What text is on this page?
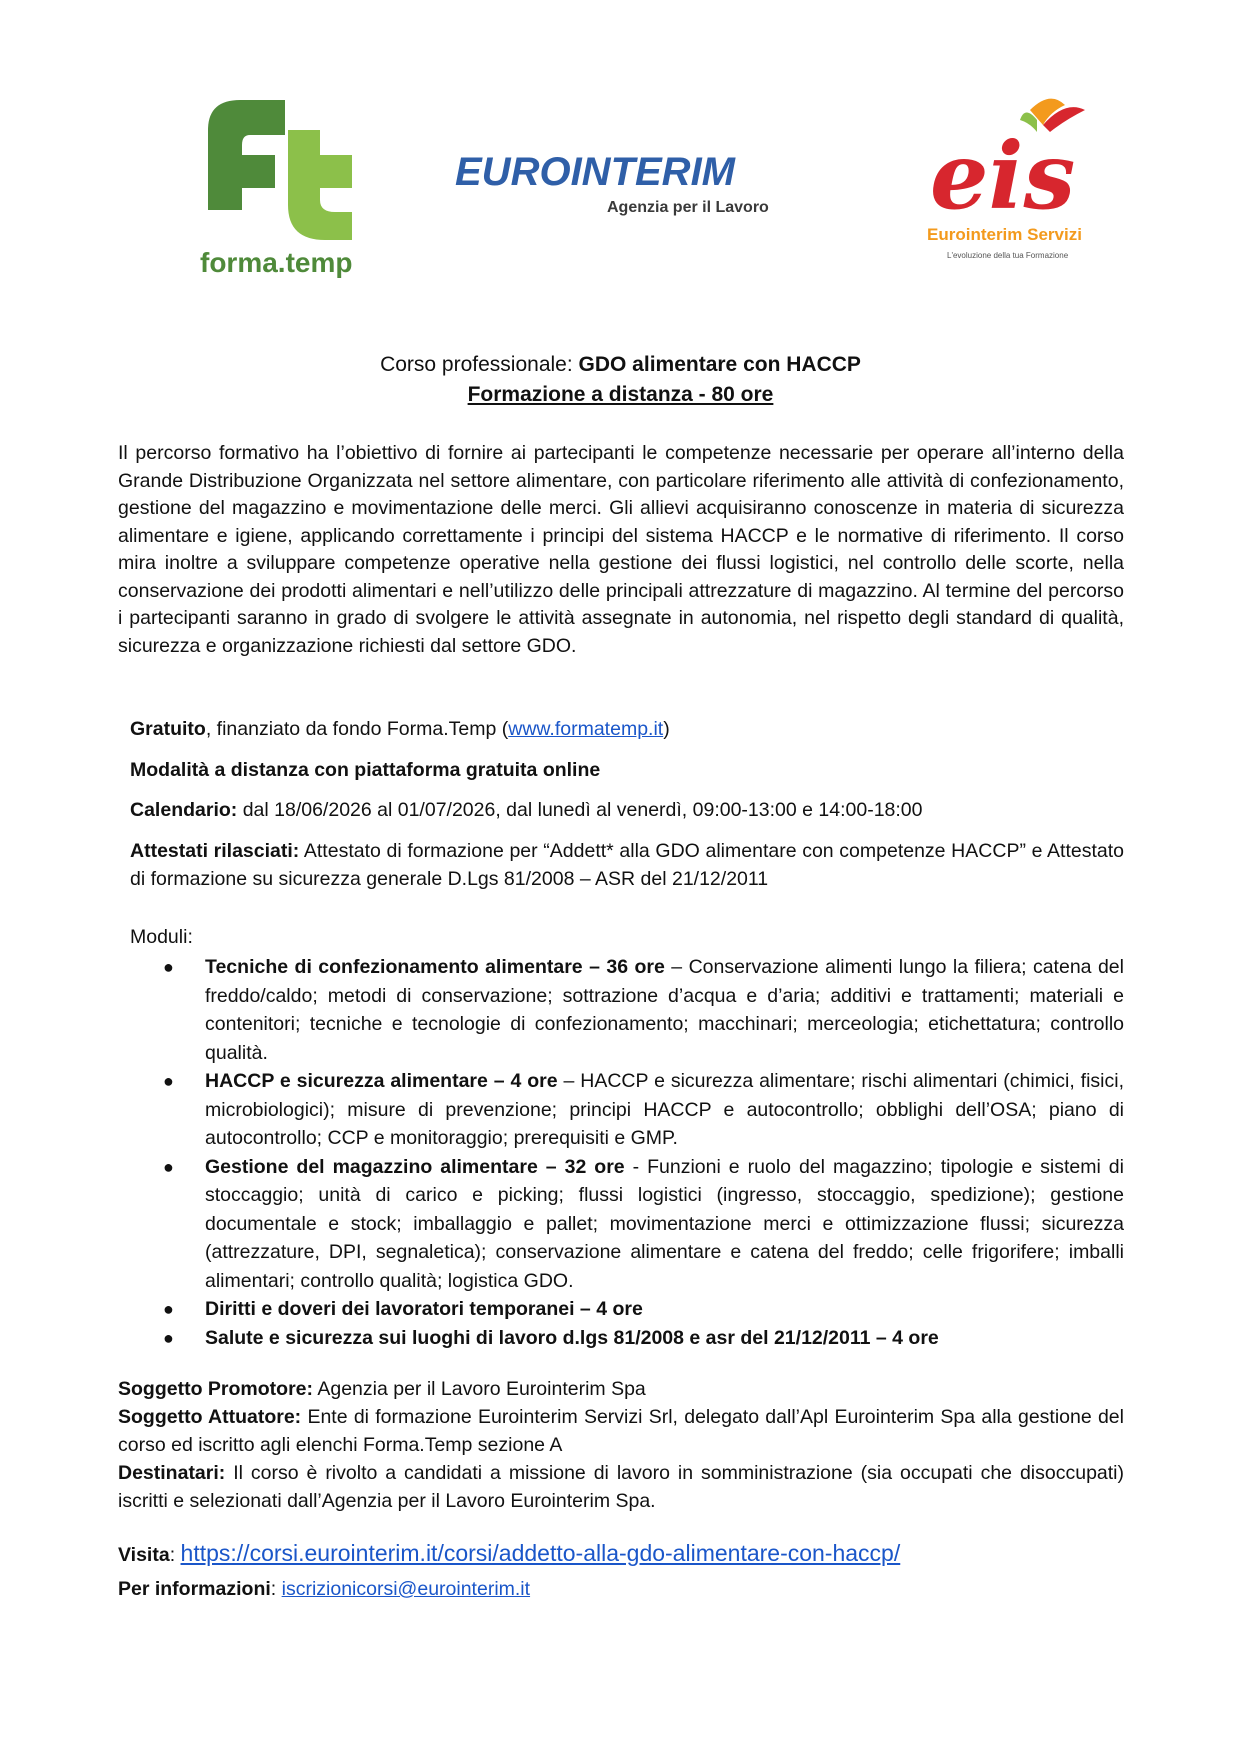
forma.temp
EUROINTERIM
Agenzia per il Lavoro eis
Eurointerim Servizi
L'evoluzione della tua Formazione
Corso professionale: GDO alimentare con HACCP
Formazione a distanza - 80 ore
Il percorso formativo ha l’obiettivo di fornire ai partecipanti le competenze necessarie per operare all’interno della Grande Distribuzione Organizzata nel settore alimentare, con particolare riferimento alle attività di confezionamento, gestione del magazzino e movimentazione delle merci. Gli allievi acquisiranno conoscenze in materia di sicurezza alimentare e igiene, applicando correttamente i principi del sistema HACCP e le normative di riferimento. Il corso mira inoltre a sviluppare competenze operative nella gestione dei flussi logistici, nel controllo delle scorte, nella conservazione dei prodotti alimentari e nell’utilizzo delle principali attrezzature di magazzino. Al termine del percorso i partecipanti saranno in grado di svolgere le attività assegnate in autonomia, nel rispetto degli standard di qualità, sicurezza e organizzazione richiesti dal settore GDO.
Gratuito, finanziato da fondo Forma.Temp (www.formatemp.it)
Modalità a distanza con piattaforma gratuita online
Calendario: dal 18/06/2026 al 01/07/2026, dal lunedì al venerdì, 09:00-13:00 e 14:00-18:00
Attestati rilasciati: Attestato di formazione per “Addett* alla GDO alimentare con competenze HACCP” e Attestato di formazione su sicurezza generale D.Lgs 81/2008 – ASR del 21/12/2011
Moduli:
● Tecniche di confezionamento alimentare – 36 ore – Conservazione alimenti lungo la filiera; catena del freddo/caldo; metodi di conservazione; sottrazione d’acqua e d’aria; additivi e trattamenti; materiali e contenitori; tecniche e tecnologie di confezionamento; macchinari; merceologia; etichettatura; controllo qualità.
● HACCP e sicurezza alimentare – 4 ore – HACCP e sicurezza alimentare; rischi alimentari (chimici, fisici, microbiologici); misure di prevenzione; principi HACCP e autocontrollo; obblighi dell’OSA; piano di autocontrollo; CCP e monitoraggio; prerequisiti e GMP.
● Gestione del magazzino alimentare – 32 ore - Funzioni e ruolo del magazzino; tipologie e sistemi di stoccaggio; unità di carico e picking; flussi logistici (ingresso, stoccaggio, spedizione); gestione documentale e stock; imballaggio e pallet; movimentazione merci e ottimizzazione flussi; sicurezza (attrezzature, DPI, segnaletica); conservazione alimentare e catena del freddo; celle frigorifere; imballi alimentari; controllo qualità; logistica GDO.
● Diritti e doveri dei lavoratori temporanei – 4 ore
● Salute e sicurezza sui luoghi di lavoro d.lgs 81/2008 e asr del 21/12/2011 – 4 ore
Soggetto Promotore: Agenzia per il Lavoro Eurointerim Spa
Soggetto Attuatore: Ente di formazione Eurointerim Servizi Srl, delegato dall’Apl Eurointerim Spa alla gestione del corso ed iscritto agli elenchi Forma.Temp sezione A
Destinatari: Il corso è rivolto a candidati a missione di lavoro in somministrazione (sia occupati che disoccupati) iscritti e selezionati dall’Agenzia per il Lavoro Eurointerim Spa.
Visita: https://corsi.eurointerim.it/corsi/addetto-alla-gdo-alimentare-con-haccp/
Per informazioni: iscrizionicorsi@eurointerim.it
